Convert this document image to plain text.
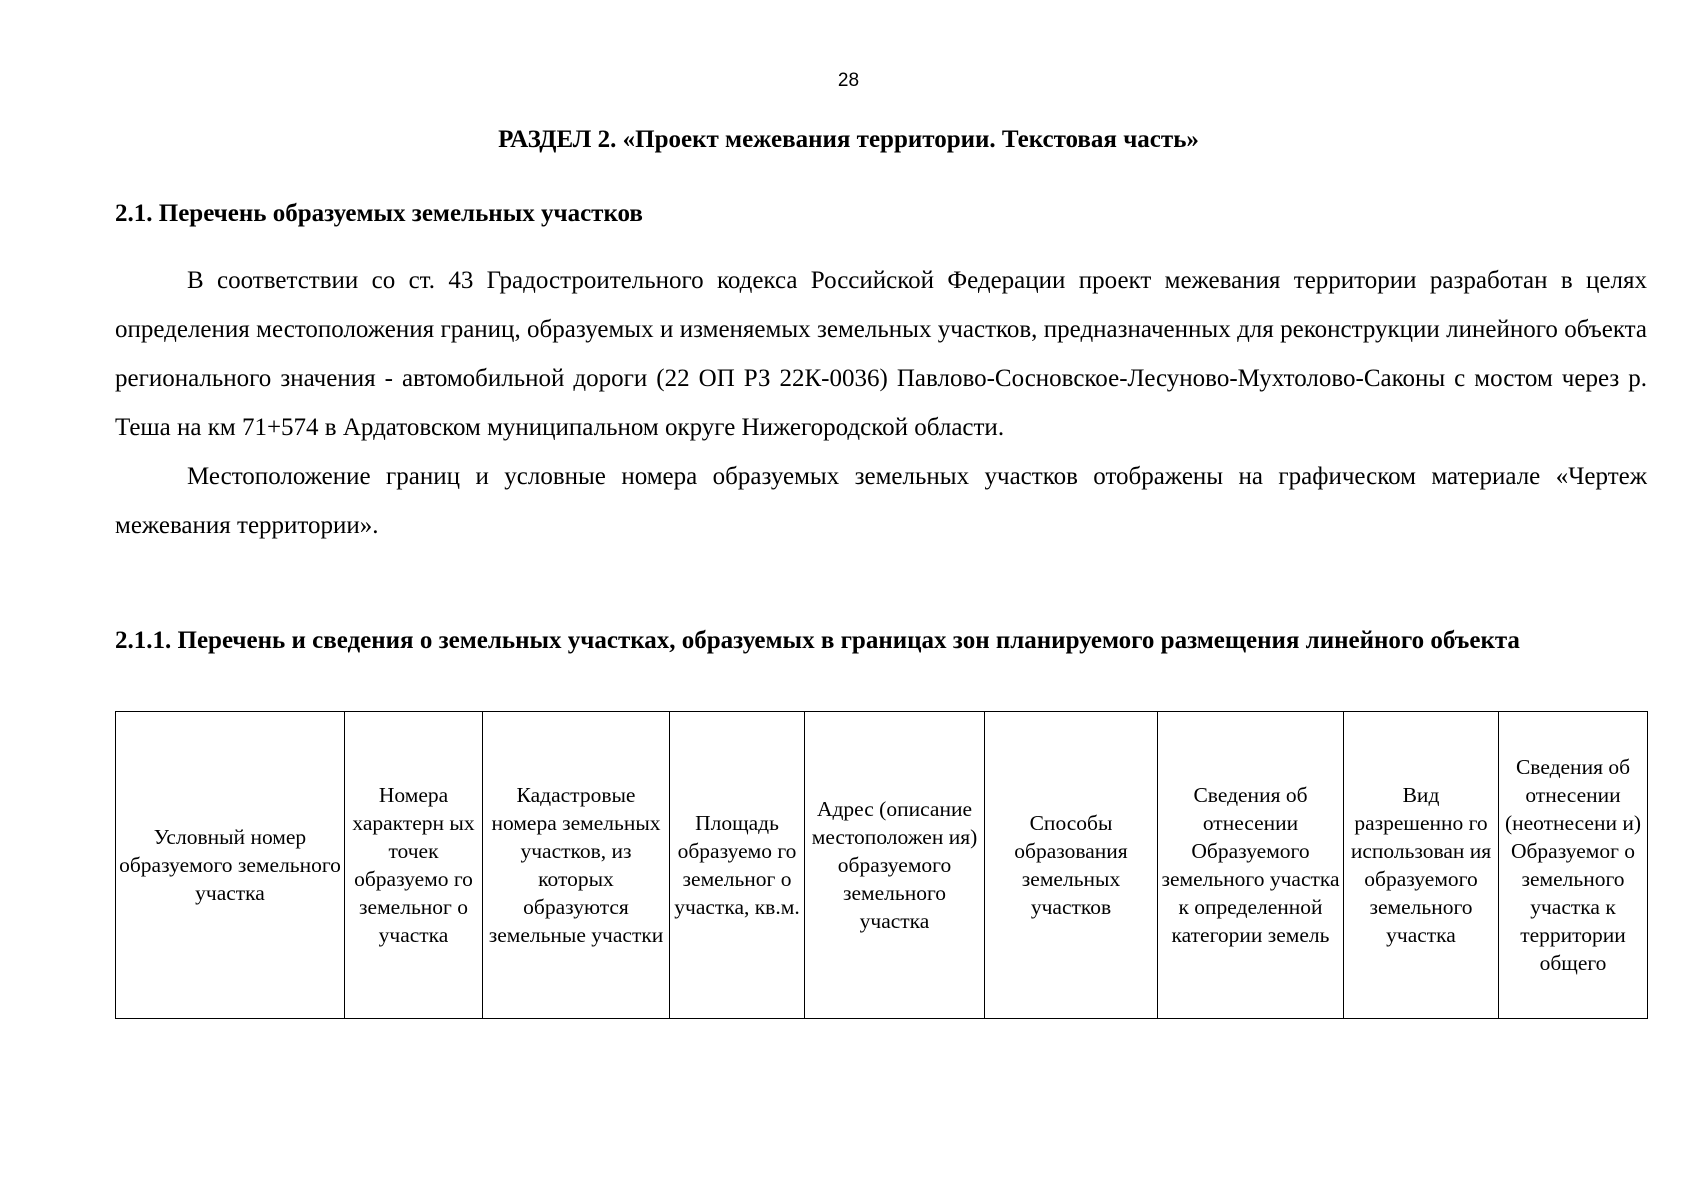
28
РАЗДЕЛ 2. «Проект межевания территории. Текстовая часть»
2.1. Перечень образуемых земельных участков

В соответствии со ст. 43 Градостроительного кодекса Российской Федерации проект межевания территории разработан в целях определения местоположения границ, образуемых и изменяемых земельных участков, предназначенных для реконструкции линейного объекта регионального значения - автомобильной дороги (22 ОП РЗ 22К-0036) Павлово-Сосновское-Лесуново-Мухтолово-Саконы с мостом через р. Теша на км 71+574 в Ардатовском муниципальном округе Нижегородской области.

Местоположение границ и условные номера образуемых земельных участков отображены на графическом материале «Чертеж межевания территории».

2.1.1. Перечень и сведения о земельных участках, образуемых в границах зон планируемого размещения линейного объекта
Условный номер образуемого земельного участка	Номера характерн ых точек образуемо го земельног о участка	Кадастровые номера земельных участков, из которых образуются земельные участки	Площадь образуемо го земельног о участка, кв.м.	Адрес (описание местоположен ия) образуемого земельного участка	Способы образования земельных участков	Сведения об отнесении Образуемого земельного участка к определенной категории земель	Вид разрешенно го использован ия образуемого земельного участка	Сведения об отнесении (неотнесени и) Образуемог о земельного участка к территории общего
